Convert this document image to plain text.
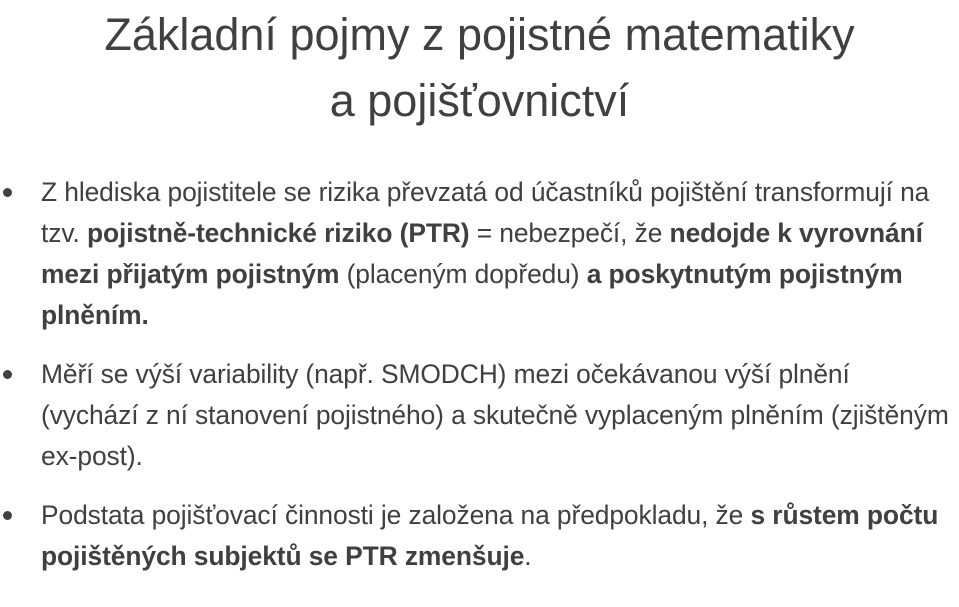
Základní pojmy z pojistné matematiky
a pojišťovnictví
Z hlediska pojistitele se rizika převzatá od účastníků pojištění transformují na tzv. pojistně-technické riziko (PTR) = nebezpečí, že nedojde k vyrovnání mezi přijatým pojistným (placeným dopředu) a poskytnutým pojistným plněním.
Měří se výší variability (např. SMODCH) mezi očekávanou výší plnění (vychází z ní stanovení pojistného) a skutečně vyplaceným plněním (zjištěným ex-post).
Podstata pojišťovací činnosti je založena na předpokladu, že s růstem počtu pojištěných subjektů se PTR zmenšuje.
